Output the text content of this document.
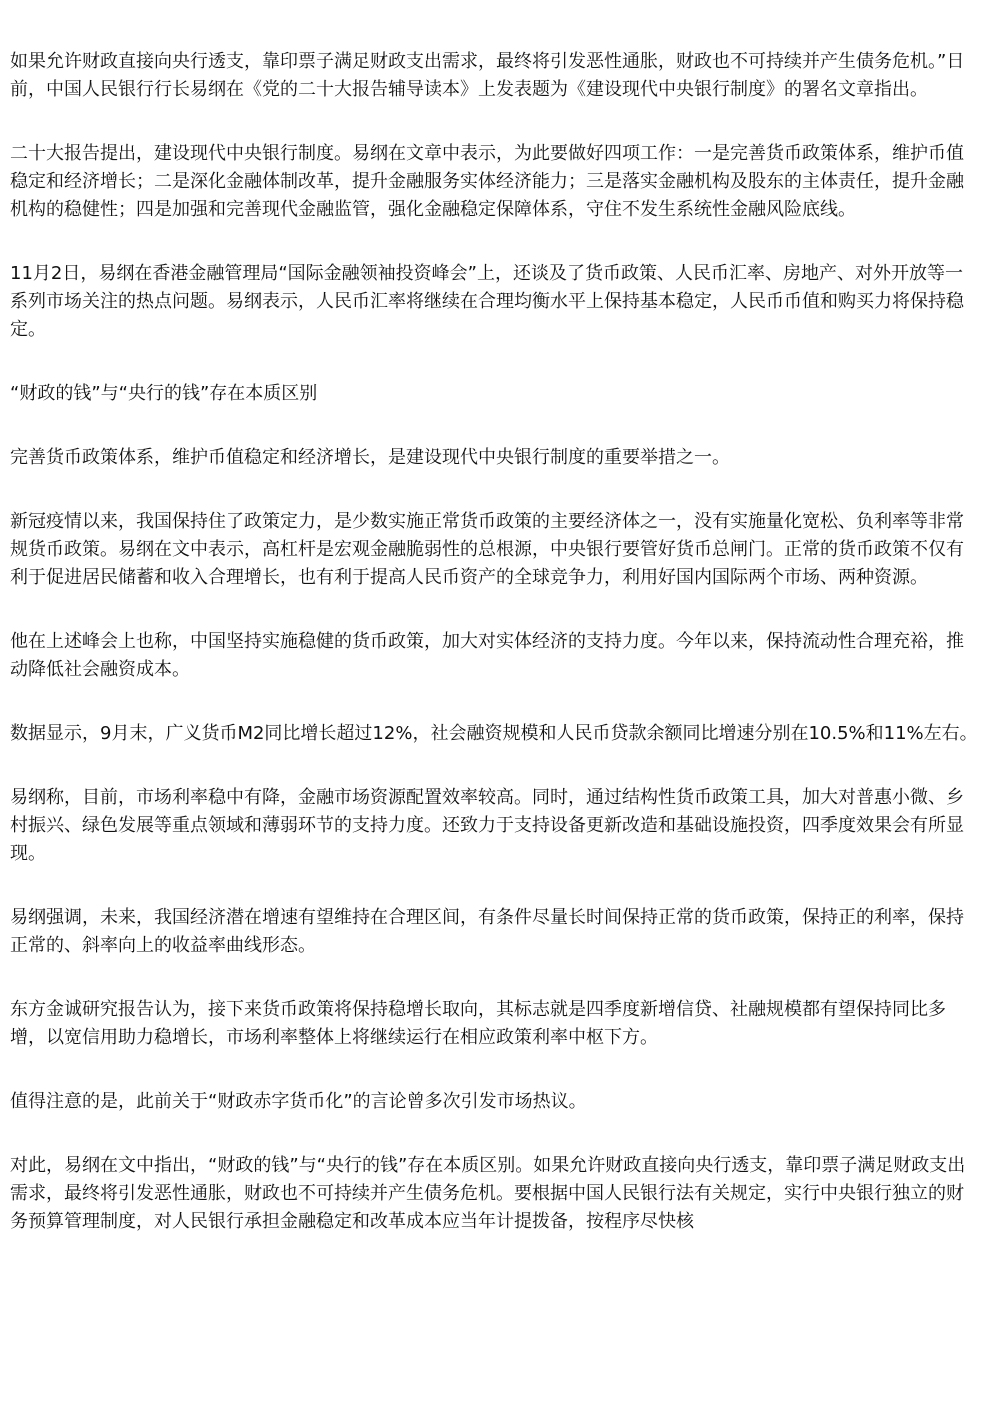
如果允许财政直接向央行透支，靠印票子满足财政支出需求，最终将引发恶性通胀，财政也不可持续并产生债务危机。”日前，中国人民银行行长易纲在《党的二十大报告辅导读本》上发表题为《建设现代中央银行制度》的署名文章指出。

二十大报告提出，建设现代中央银行制度。易纲在文章中表示，为此要做好四项工作：一是完善货币政策体系，维护币值稳定和经济增长；二是深化金融体制改革，提升金融服务实体经济能力；三是落实金融机构及股东的主体责任，提升金融机构的稳健性；四是加强和完善现代金融监管，强化金融稳定保障体系，守住不发生系统性金融风险底线。

11月2日，易纲在香港金融管理局“国际金融领袖投资峰会”上，还谈及了货币政策、人民币汇率、房地产、对外开放等一系列市场关注的热点问题。易纲表示，人民币汇率将继续在合理均衡水平上保持基本稳定，人民币币值和购买力将保持稳定。

“财政的钱”与“央行的钱”存在本质区别

完善货币政策体系，维护币值稳定和经济增长，是建设现代中央银行制度的重要举措之一。

新冠疫情以来，我国保持住了政策定力，是少数实施正常货币政策的主要经济体之一，没有实施量化宽松、负利率等非常规货币政策。易纲在文中表示，高杠杆是宏观金融脆弱性的总根源，中央银行要管好货币总闸门。正常的货币政策不仅有利于促进居民储蓄和收入合理增长，也有利于提高人民币资产的全球竞争力，利用好国内国际两个市场、两种资源。

他在上述峰会上也称，中国坚持实施稳健的货币政策，加大对实体经济的支持力度。今年以来，保持流动性合理充裕，推动降低社会融资成本。

数据显示，9月末，广义货币M2同比增长超过12%，社会融资规模和人民币贷款余额同比增速分别在10.5%和11%左右。

易纲称，目前，市场利率稳中有降，金融市场资源配置效率较高。同时，通过结构性货币政策工具，加大对普惠小微、乡村振兴、绿色发展等重点领域和薄弱环节的支持力度。还致力于支持设备更新改造和基础设施投资，四季度效果会有所显现。

易纲强调，未来，我国经济潜在增速有望维持在合理区间，有条件尽量长时间保持正常的货币政策，保持正的利率，保持正常的、斜率向上的收益率曲线形态。

东方金诚研究报告认为，接下来货币政策将保持稳增长取向，其标志就是四季度新增信贷、社融规模都有望保持同比多增，以宽信用助力稳增长，市场利率整体上将继续运行在相应政策利率中枢下方。

值得注意的是，此前关于“财政赤字货币化”的言论曾多次引发市场热议。

对此，易纲在文中指出，“财政的钱”与“央行的钱”存在本质区别。如果允许财政直接向央行透支，靠印票子满足财政支出需求，最终将引发恶性通胀，财政也不可持续并产生债务危机。要根据中国人民银行法有关规定，实行中央银行独立的财务预算管理制度，对人民银行承担金融稳定和改革成本应当年计提拨备，按程序尽快核
